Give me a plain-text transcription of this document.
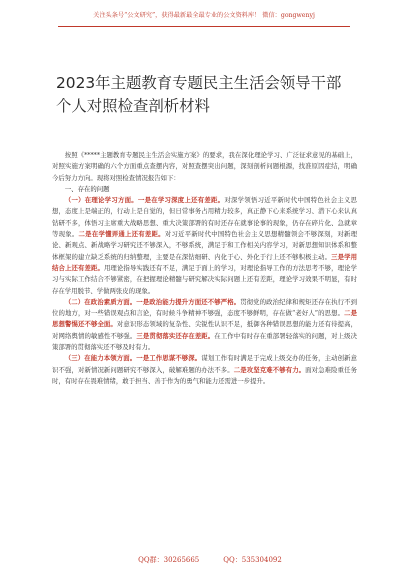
关注头条号“公文研究”，获得最新最全最专业的公文资料库！ 微信：gongwenyj
2023年主题教育专题民主生活会领导干部个人对照检查剖析材料

按照《*****主题教育专题民主生活会实施方案》的要求，我在深化理论学习、广泛征求意见的基础上，对照实施方案明确的六个方面重点查摆内容，对照查摆突出问题，深刻剖析问题根源，找准原因症结，明确今后努力方向。现将对照检查情况报告如下：

一、存在的问题

（一）在理论学习方面。一是在学习深度上还有差距。对深学领悟习近平新时代中国特色社会主义思想，态度上是端正的，行动上是自觉的，但日常事务占用精力较多，真正静下心来系统学习、潜下心来认真钻研不多，体悟习主席重大战略思想、重大决策部署的有时还存在就事论事的现象，仍存在碎片化、急就章等现象。二是在学懂弄通上还有差距。对习近平新时代中国特色社会主义思想精髓领会不够深刻，对新理论、新观点、新战略学习研究还不够深入，不够系统，满足于和工作相关内容学习，对新思想知识体系和整体框架的建立缺乏系统的归纳整理，主要是在深钻细研、内化于心、外化于行上还不够积极主动。三是学用结合上还有差距。用理论指导实践还有不足，满足于面上的学习，对理论指导工作的方法思考不够，理论学习与实际工作结合不够紧密，在把握理论精髓与研究解决实际问题上还有差距，理论学习效果不明显，有时存在学用脱节、学做两张皮的现象。

（二）在政治素质方面。一是政治能力提升方面还不够严格。贯彻党的政治纪律和规矩还存在执行不到位的地方，对一些错误观点和言论，有时候斗争精神不够强，态度不够鲜明，存在做“老好人”的思想。二是思想警惕还不够全面。对意识形态领域的复杂性、尖锐性认识不足，抵御各种错误思想的能力还有待提高，对网络舆情的敏感性不够强。三是贯彻落实还存在差距。在工作中有时存在重部署轻落实的问题，对上级决策部署的贯彻落实还不够及时有力。

（三）在能力本领方面。一是工作思谋不够深。谋划工作有时满足于完成上级交办的任务，主动创新意识不强，对新情况新问题研究不够深入，破解难题的办法不多。二是攻坚克难不够有力。面对急难险重任务时，有时存在畏难情绪，敢于担当、善于作为的勇气和能力还需进一步提升。

QQ群：30265665	QQ：535304092
